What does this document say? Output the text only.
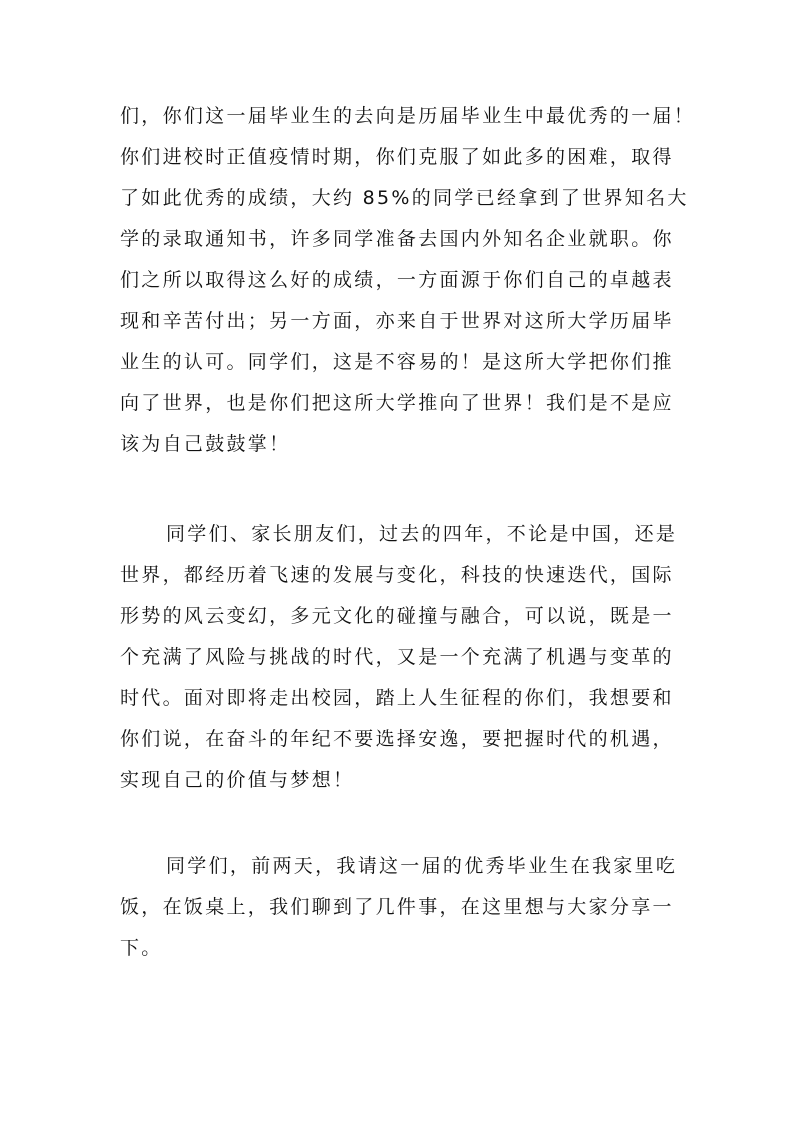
们，你们这一届毕业生的去向是历届毕业生中最优秀的一届！
你们进校时正值疫情时期，你们克服了如此多的困难，取得
了如此优秀的成绩，大约 85%的同学已经拿到了世界知名大
学的录取通知书，许多同学准备去国内外知名企业就职。你
们之所以取得这么好的成绩，一方面源于你们自己的卓越表
现和辛苦付出；另一方面，亦来自于世界对这所大学历届毕
业生的认可。同学们，这是不容易的！是这所大学把你们推
向了世界，也是你们把这所大学推向了世界！我们是不是应
该为自己鼓鼓掌！
同学们、家长朋友们，过去的四年，不论是中国，还是
世界，都经历着飞速的发展与变化，科技的快速迭代，国际
形势的风云变幻，多元文化的碰撞与融合，可以说，既是一
个充满了风险与挑战的时代，又是一个充满了机遇与变革的
时代。面对即将走出校园，踏上人生征程的你们，我想要和
你们说，在奋斗的年纪不要选择安逸，要把握时代的机遇，
实现自己的价值与梦想！
同学们，前两天，我请这一届的优秀毕业生在我家里吃
饭，在饭桌上，我们聊到了几件事，在这里想与大家分享一
下。
